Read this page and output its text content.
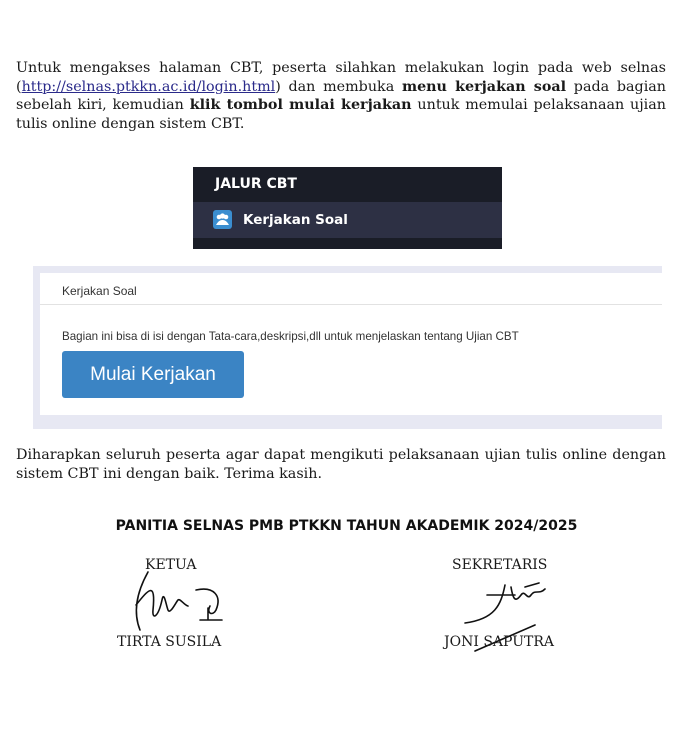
Untuk mengakses halaman CBT, peserta silahkan melakukan login pada web selnas (http://selnas.ptkkn.ac.id/login.html) dan membuka menu kerjakan soal pada bagian sebelah kiri, kemudian klik tombol mulai kerjakan untuk memulai pelaksanaan ujian tulis online dengan sistem CBT.
JALUR CBT
Kerjakan Soal
Kerjakan Soal
Bagian ini bisa di isi dengan Tata-cara,deskripsi,dll untuk menjelaskan tentang Ujian CBT
Mulai Kerjakan
Diharapkan seluruh peserta agar dapat mengikuti pelaksanaan ujian tulis online dengan sistem CBT ini dengan baik. Terima kasih.
PANITIA SELNAS PMB PTKKN TAHUN AKADEMIK 2024/2025
KETUA	SEKRETARIS
TIRTA SUSILA	JONI SAPUTRA
